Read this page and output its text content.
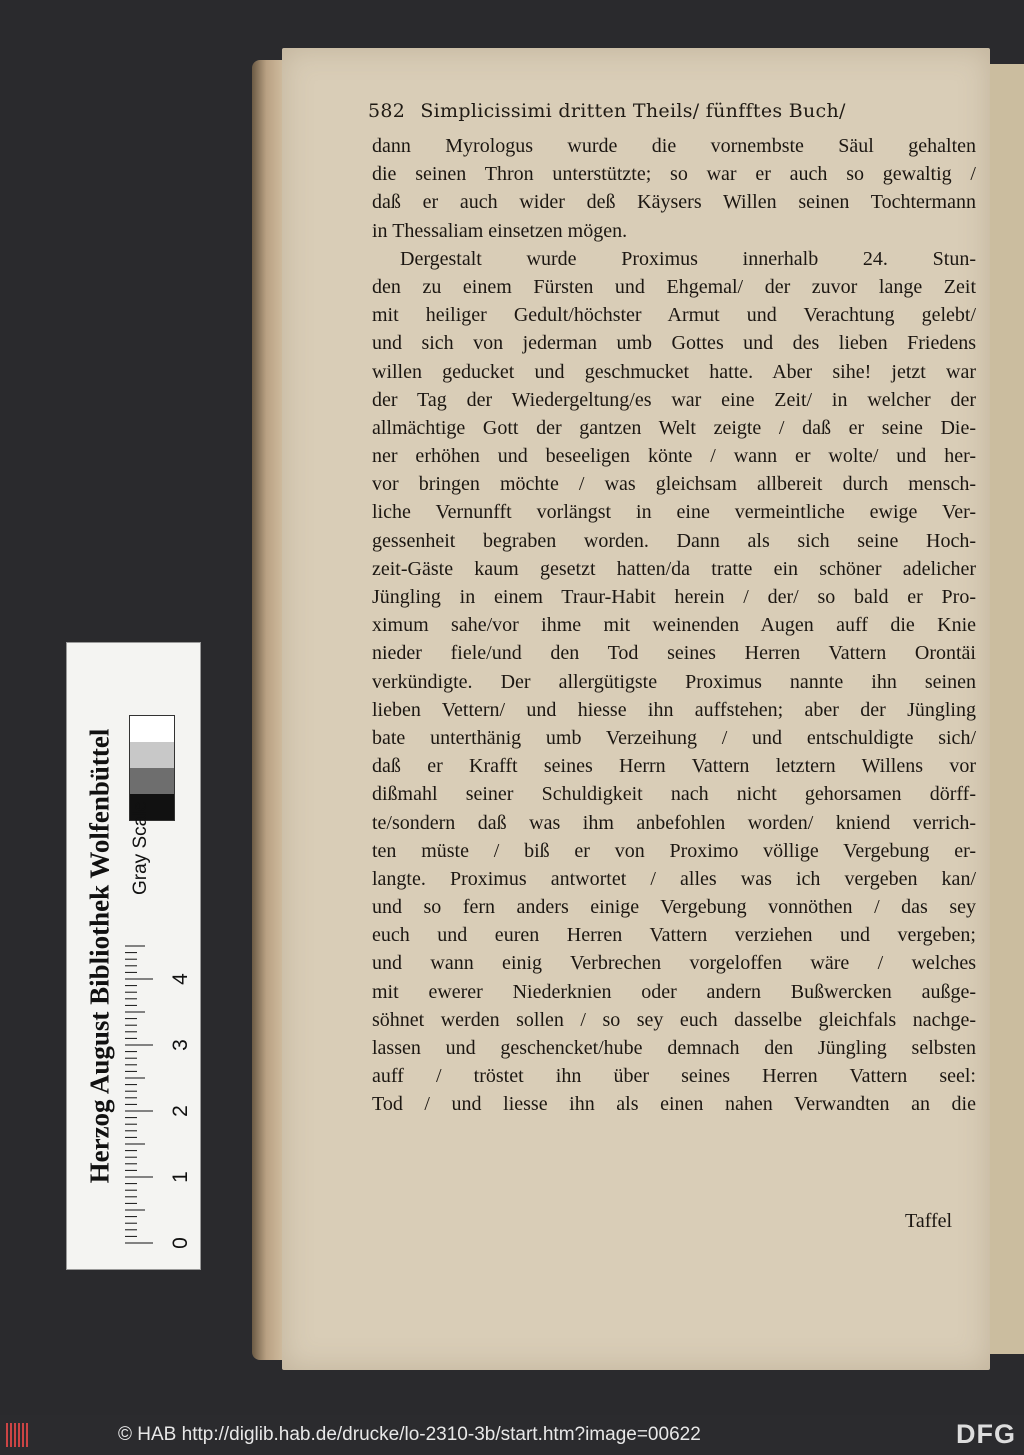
582 Simplicissimi dritten Theils/ fünfftes Buch/
dann Myrologus wurde die vornembste Säul gehalten
die seinen Thron unterstützte; so war er auch so gewaltig /
daß er auch wider deß Käysers Willen seinen Tochtermann
in Thessaliam einsetzen mögen.
Dergestalt wurde Proximus innerhalb 24. Stun-
den zu einem Fürsten und Ehgemal/ der zuvor lange Zeit
mit heiliger Gedult/höchster Armut und Verachtung gelebt/
und sich von jederman umb Gottes und des lieben Friedens
willen geducket und geschmucket hatte. Aber sihe! jetzt war
der Tag der Wiedergeltung/es war eine Zeit/ in welcher der
allmächtige Gott der gantzen Welt zeigte / daß er seine Die-
ner erhöhen und beseeligen könte / wann er wolte/ und her-
vor bringen möchte / was gleichsam allbereit durch mensch-
liche Vernunfft vorlängst in eine vermeintliche ewige Ver-
gessenheit begraben worden. Dann als sich seine Hoch-
zeit-Gäste kaum gesetzt hatten/da tratte ein schöner adelicher
Jüngling in einem Traur-Habit herein / der/ so bald er Pro-
ximum sahe/vor ihme mit weinenden Augen auff die Knie
nieder fiele/und den Tod seines Herren Vattern Orontäi
verkündigte. Der allergütigste Proximus nannte ihn seinen
lieben Vettern/ und hiesse ihn auffstehen; aber der Jüngling
bate unterthänig umb Verzeihung / und entschuldigte sich/
daß er Krafft seines Herrn Vattern letztern Willens vor
dißmahl seiner Schuldigkeit nach nicht gehorsamen dörff-
te/sondern daß was ihm anbefohlen worden/ kniend verrich-
ten müste / biß er von Proximo völlige Vergebung er-
langte. Proximus antwortet / alles was ich vergeben kan/
und so fern anders einige Vergebung vonnöthen / das sey
euch und euren Herren Vattern verziehen und vergeben;
und wann einig Verbrechen vorgeloffen wäre / welches
mit ewerer Niederknien oder andern Bußwercken außge-
söhnet werden sollen / so sey euch dasselbe gleichfals nachge-
lassen und geschencket/hube demnach den Jüngling selbsten
auff / tröstet ihn über seines Herren Vattern seel:
Tod / und liesse ihn als einen nahen Verwandten an die
Taffel
Herzog August Bibliothek Wolfenbüttel Gray Scale
0
1
2
3
4
© HAB http://diglib.hab.de/drucke/lo-2310-3b/start.htm?image=00622	DFG
